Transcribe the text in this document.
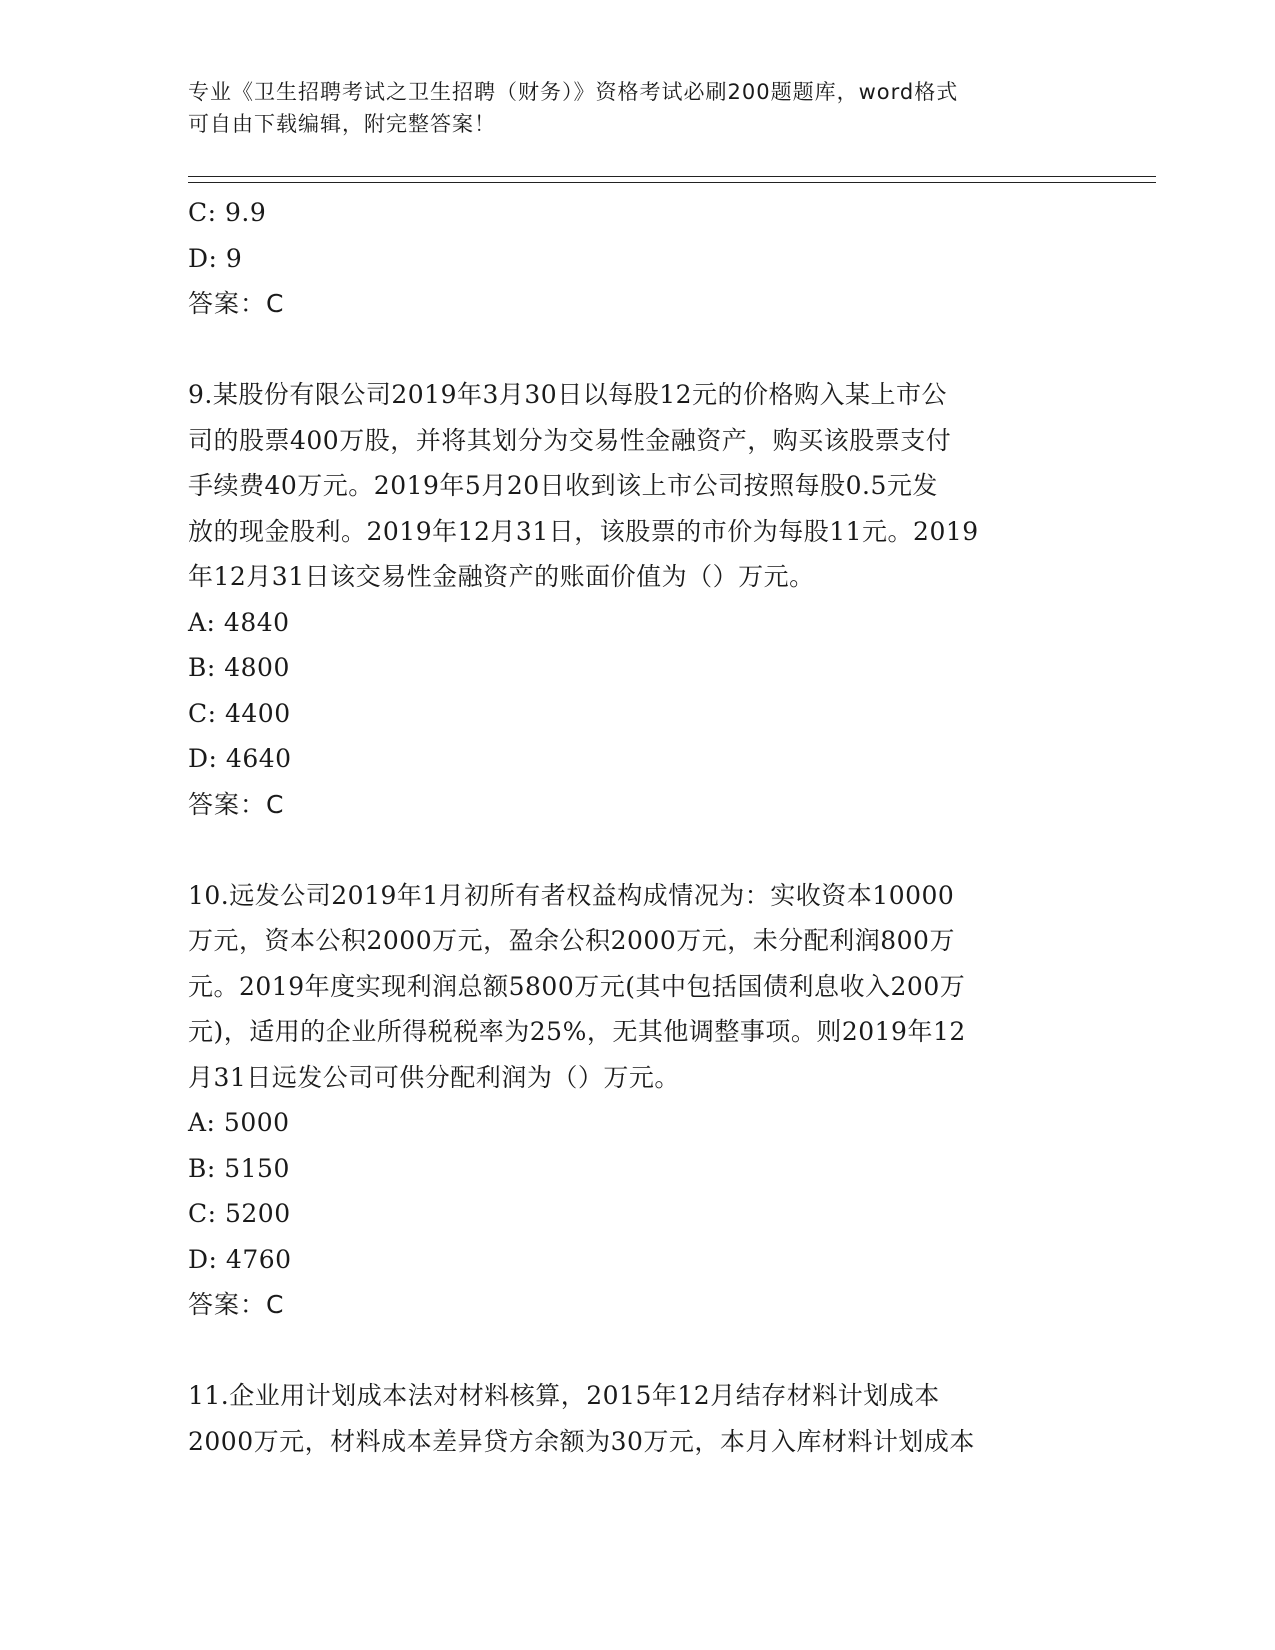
专业《卫生招聘考试之卫生招聘（财务）》资格考试必刷200题题库，word格式
可自由下载编辑，附完整答案！
C: 9.9
D: 9
答案：C
9.某股份有限公司2019年3月30日以每股12元的价格购入某上市公
司的股票400万股，并将其划分为交易性金融资产，购买该股票支付
手续费40万元。2019年5月20日收到该上市公司按照每股0.5元发
放的现金股利。2019年12月31日，该股票的市价为每股11元。2019
年12月31日该交易性金融资产的账面价值为（）万元。
A: 4840
B: 4800
C: 4400
D: 4640
答案：C
10.远发公司2019年1月初所有者权益构成情况为：实收资本10000
万元，资本公积2000万元，盈余公积2000万元，未分配利润800万
元。2019年度实现利润总额5800万元(其中包括国债利息收入200万
元)，适用的企业所得税税率为25%，无其他调整事项。则2019年12
月31日远发公司可供分配利润为（）万元。
A: 5000
B: 5150
C: 5200
D: 4760
答案：C
11.企业用计划成本法对材料核算，2015年12月结存材料计划成本
2000万元，材料成本差异贷方余额为30万元，本月入库材料计划成本
